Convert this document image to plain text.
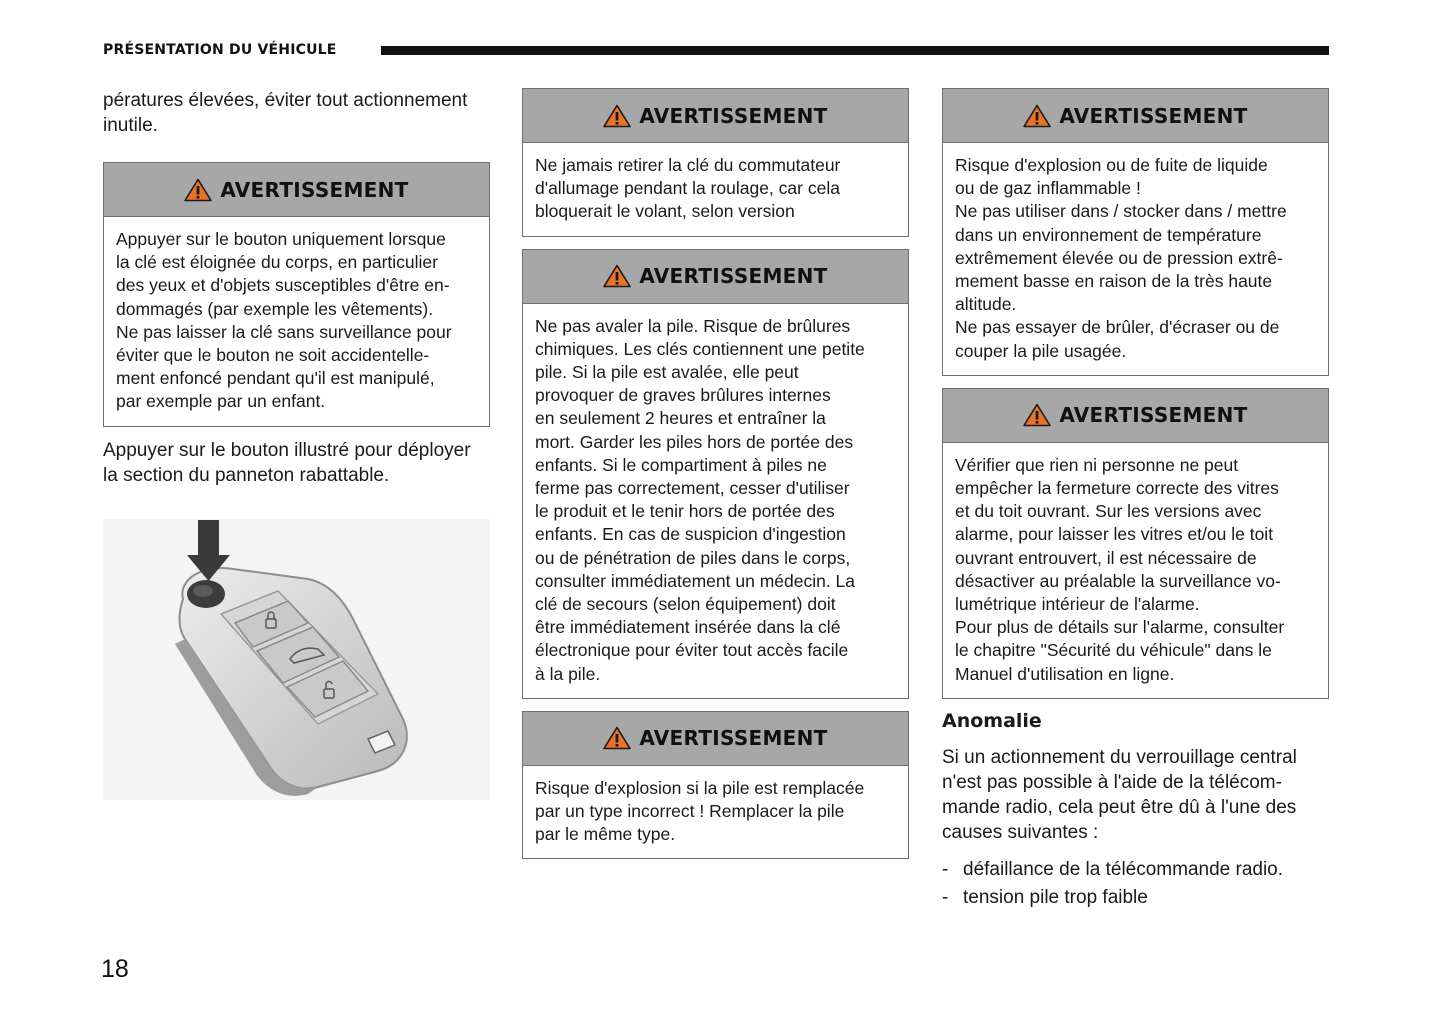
PRÉSENTATION DU VÉHICULE

pératures élevées, éviter tout actionnement inutile.

AVERTISSEMENT
Appuyer sur le bouton uniquement lorsque
la clé est éloignée du corps, en particulier
des yeux et d'objets susceptibles d'être en-
dommagés (par exemple les vêtements).
Ne pas laisser la clé sans surveillance pour
éviter que le bouton ne soit accidentelle-
ment enfoncé pendant qu'il est manipulé,
par exemple par un enfant.

Appuyer sur le bouton illustré pour déployer la section du panneton rabattable.

AVERTISSEMENT
Ne jamais retirer la clé du commutateur
d'allumage pendant la roulage, car cela
bloquerait le volant, selon version
AVERTISSEMENT
Ne pas avaler la pile. Risque de brûlures
chimiques. Les clés contiennent une petite
pile. Si la pile est avalée, elle peut
provoquer de graves brûlures internes
en seulement 2 heures et entraîner la
mort. Garder les piles hors de portée des
enfants. Si le compartiment à piles ne
ferme pas correctement, cesser d'utiliser
le produit et le tenir hors de portée des
enfants. En cas de suspicion d'ingestion
ou de pénétration de piles dans le corps,
consulter immédiatement un médecin. La
clé de secours (selon équipement) doit
être immédiatement insérée dans la clé
électronique pour éviter tout accès facile
à la pile.
AVERTISSEMENT
Risque d'explosion si la pile est remplacée
par un type incorrect ! Remplacer la pile
par le même type.
AVERTISSEMENT
Risque d'explosion ou de fuite de liquide
ou de gaz inflammable !
Ne pas utiliser dans / stocker dans / mettre
dans un environnement de température
extrêmement élevée ou de pression extrê-
mement basse en raison de la très haute
altitude.
Ne pas essayer de brûler, d'écraser ou de
couper la pile usagée.
AVERTISSEMENT
Vérifier que rien ni personne ne peut
empêcher la fermeture correcte des vitres
et du toit ouvrant. Sur les versions avec
alarme, pour laisser les vitres et/ou le toit
ouvrant entrouvert, il est nécessaire de
désactiver au préalable la surveillance vo-
lumétrique intérieur de l'alarme.
Pour plus de détails sur l'alarme, consulter
le chapitre "Sécurité du véhicule" dans le
Manuel d'utilisation en ligne.
Anomalie

Si un actionnement du verrouillage central n'est pas possible à l'aide de la télécom-mande radio, cela peut être dû à l'une des causes suivantes :

- défaillance de la télécommande radio.
- tension pile trop faible
18
